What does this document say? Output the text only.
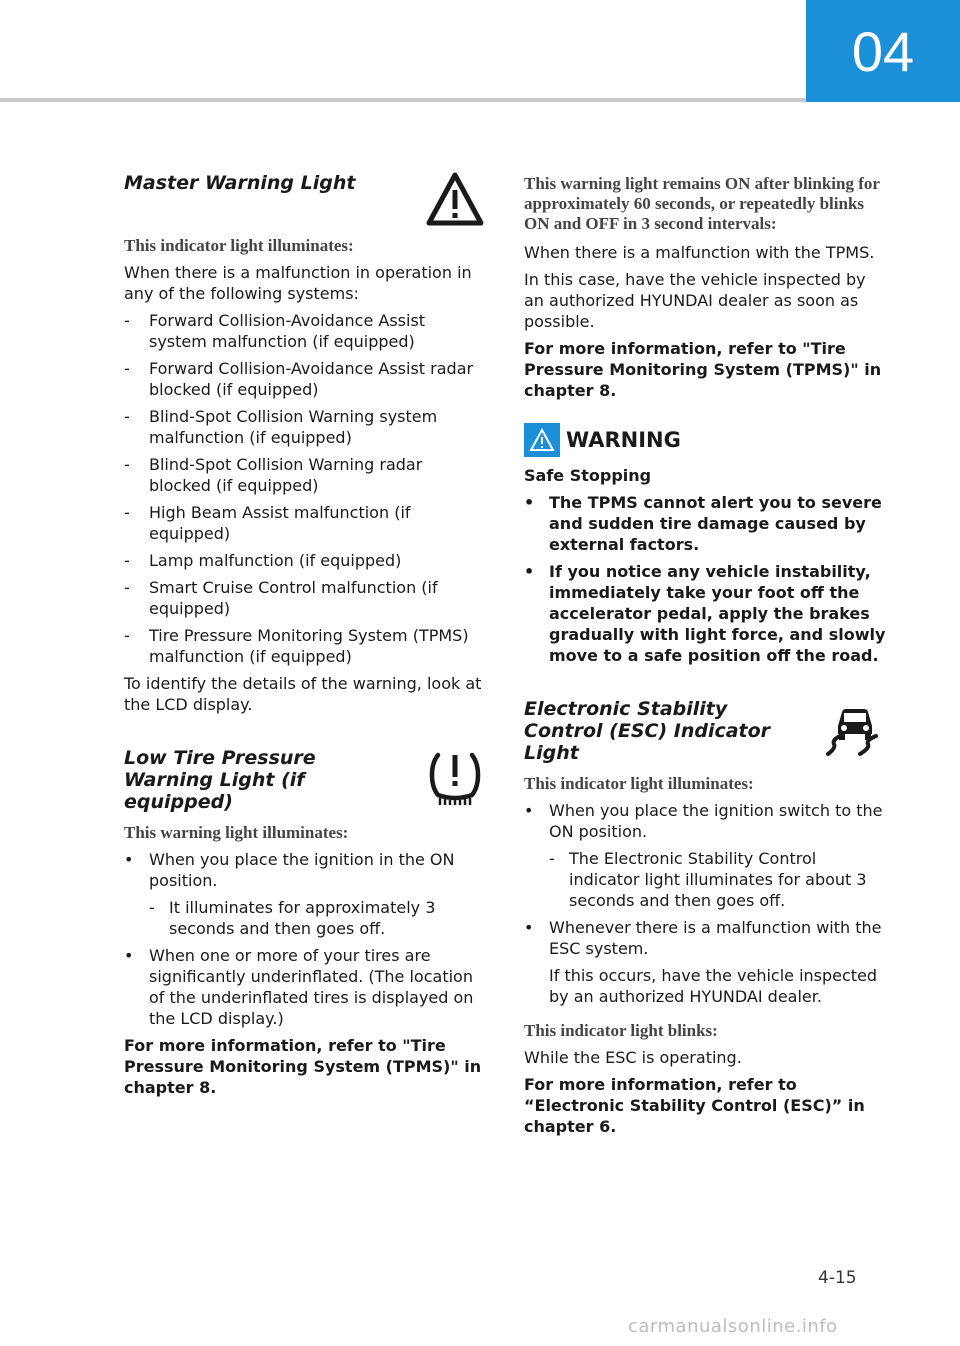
04
Master Warning Light

This indicator light illuminates:

When there is a malfunction in operation in any of the following systems:

-	Forward Collision-Avoidance Assist system malfunction (if equipped)
-	Forward Collision-Avoidance Assist radar blocked (if equipped)
-	Blind-Spot Collision Warning system malfunction (if equipped)
-	Blind-Spot Collision Warning radar blocked (if equipped)
-	High Beam Assist malfunction (if equipped)
-	Lamp malfunction (if equipped)
-	Smart Cruise Control malfunction (if equipped)
-	Tire Pressure Monitoring System (TPMS) malfunction (if equipped)

To identify the details of the warning, look at the LCD display.

Low Tire Pressure Warning Light (if equipped)

This warning light illuminates:

• When you place the ignition in the ON position.
- It illuminates for approximately 3 seconds and then goes off.
• When one or more of your tires are significantly underinflated. (The location of the underinflated tires is displayed on the LCD display.)

For more information, refer to "Tire Pressure Monitoring System (TPMS)" in chapter 8.

This warning light remains ON after blinking for approximately 60 seconds, or repeatedly blinks ON and OFF in 3 second intervals:

When there is a malfunction with the TPMS.

In this case, have the vehicle inspected by an authorized HYUNDAI dealer as soon as possible.

For more information, refer to "Tire Pressure Monitoring System (TPMS)" in chapter 8.

WARNING

Safe Stopping

• The TPMS cannot alert you to severe and sudden tire damage caused by external factors.
• If you notice any vehicle instability, immediately take your foot off the accelerator pedal, apply the brakes gradually with light force, and slowly move to a safe position off the road.
Electronic Stability Control (ESC) Indicator Light

This indicator light illuminates:

• When you place the ignition switch to the ON position.
- The Electronic Stability Control indicator light illuminates for about 3 seconds and then goes off.
• Whenever there is a malfunction with the ESC system.

If this occurs, have the vehicle inspected by an authorized HYUNDAI dealer.

This indicator light blinks:

While the ESC is operating.

For more information, refer to “Electronic Stability Control (ESC)” in chapter 6.

4-15
carmanualsonline.info
